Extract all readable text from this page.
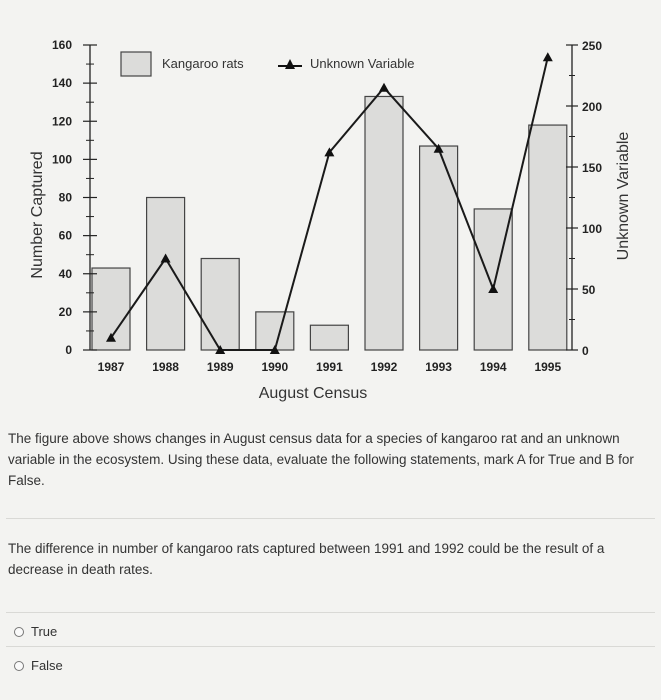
0
20
40
60
80
100
120
140
160
0
50
100
150
200
250
1987 1988 1989 1990 1991 1992 1993 1994 1995
August Census
Number Captured	Unknown Variable
Kangaroo rats	Unknown Variable
The figure above shows changes in August census data for a species of kangaroo rat and an unknown variable in the ecosystem. Using these data, evaluate the following statements, mark A for True and B for False.
The difference in number of kangaroo rats captured between 1991 and 1992 could be the result of a decrease in death rates.
True
False
